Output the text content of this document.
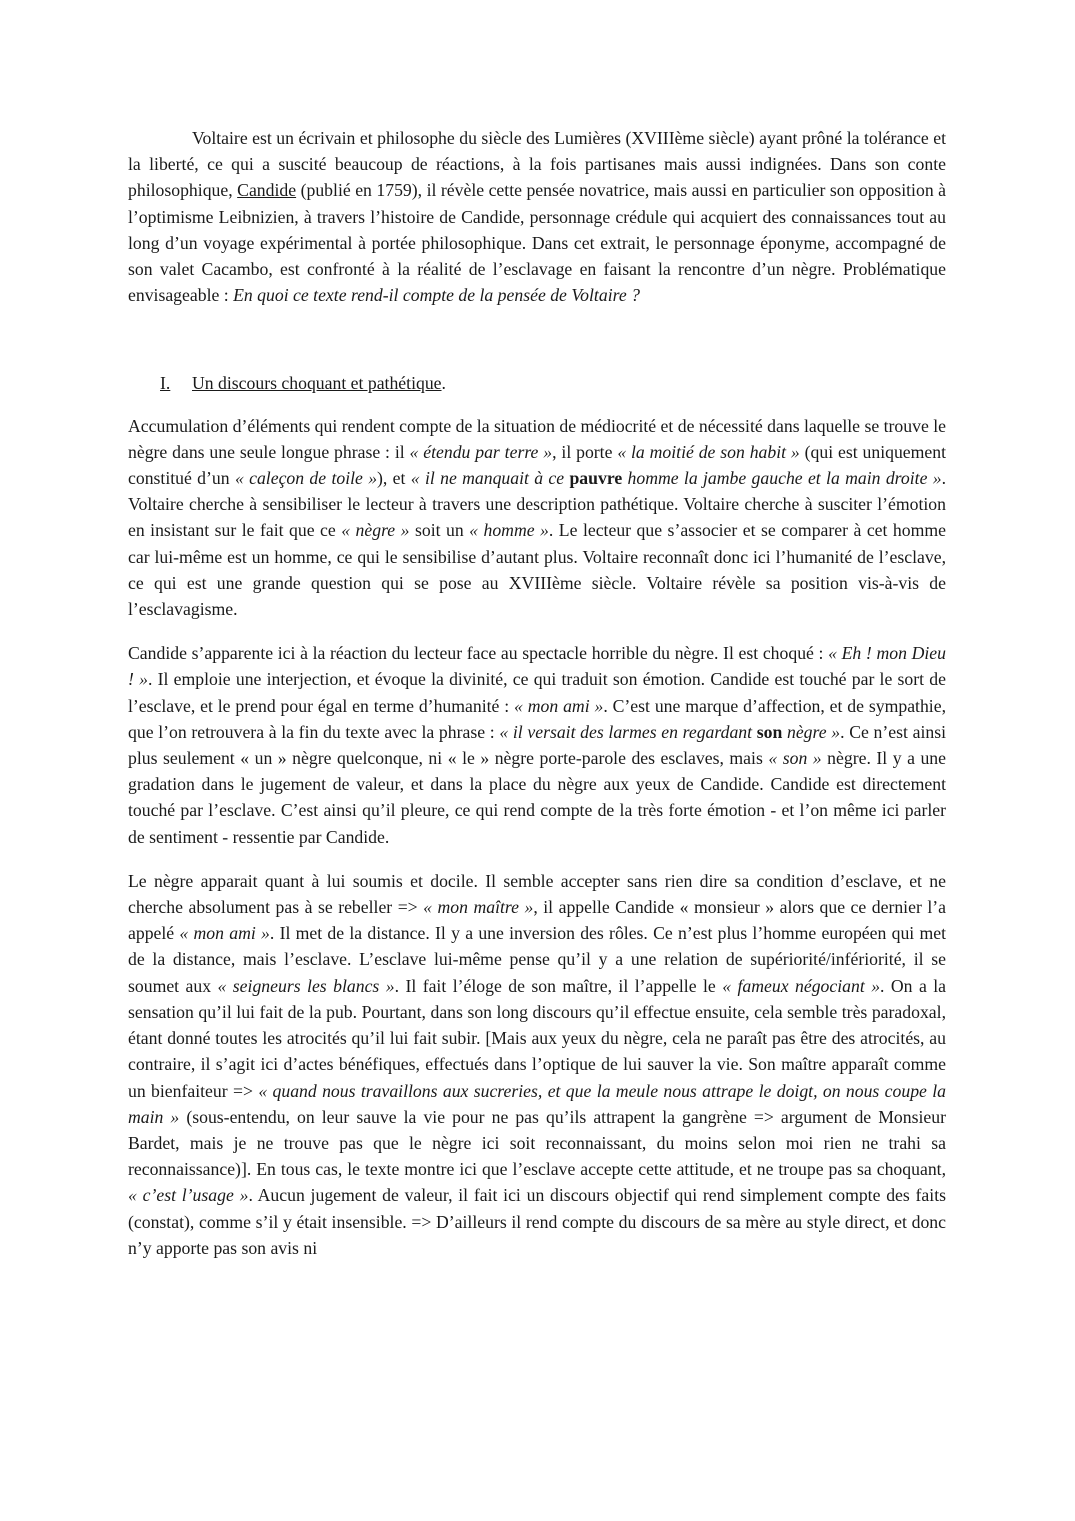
Voltaire est un écrivain et philosophe du siècle des Lumières (XVIIIème siècle) ayant prôné la tolérance et la liberté, ce qui a suscité beaucoup de réactions, à la fois partisanes mais aussi indignées. Dans son conte philosophique, Candide (publié en 1759), il révèle cette pensée novatrice, mais aussi en particulier son opposition à l’optimisme Leibnizien, à travers l’histoire de Candide, personnage crédule qui acquiert des connaissances tout au long d’un voyage expérimental à portée philosophique. Dans cet extrait, le personnage éponyme, accompagné de son valet Cacambo, est confronté à la réalité de l’esclavage en faisant la rencontre d’un nègre. Problématique envisageable : En quoi ce texte rend-il compte de la pensée de Voltaire ?

I. Un discours choquant et pathétique.

Accumulation d’éléments qui rendent compte de la situation de médiocrité et de nécessité dans laquelle se trouve le nègre dans une seule longue phrase : il « étendu par terre », il porte « la moitié de son habit » (qui est uniquement constitué d’un « caleçon de toile »), et « il ne manquait à ce pauvre homme la jambe gauche et la main droite ». Voltaire cherche à sensibiliser le lecteur à travers une description pathétique. Voltaire cherche à susciter l’émotion en insistant sur le fait que ce « nègre » soit un « homme ». Le lecteur que s’associer et se comparer à cet homme car lui-même est un homme, ce qui le sensibilise d’autant plus. Voltaire reconnaît donc ici l’humanité de l’esclave, ce qui est une grande question qui se pose au XVIIIème siècle. Voltaire révèle sa position vis-à-vis de l’esclavagisme.

Candide s’apparente ici à la réaction du lecteur face au spectacle horrible du nègre. Il est choqué : « Eh ! mon Dieu ! ». Il emploie une interjection, et évoque la divinité, ce qui traduit son émotion. Candide est touché par le sort de l’esclave, et le prend pour égal en terme d’humanité : « mon ami ». C’est une marque d’affection, et de sympathie, que l’on retrouvera à la fin du texte avec la phrase : « il versait des larmes en regardant son nègre ». Ce n’est ainsi plus seulement « un » nègre quelconque, ni « le » nègre porte-parole des esclaves, mais « son » nègre. Il y a une gradation dans le jugement de valeur, et dans la place du nègre aux yeux de Candide. Candide est directement touché par l’esclave. C’est ainsi qu’il pleure, ce qui rend compte de la très forte émotion - et l’on même ici parler de sentiment - ressentie par Candide.

Le nègre apparait quant à lui soumis et docile. Il semble accepter sans rien dire sa condition d’esclave, et ne cherche absolument pas à se rebeller => « mon maître », il appelle Candide « monsieur » alors que ce dernier l’a appelé « mon ami ». Il met de la distance. Il y a une inversion des rôles. Ce n’est plus l’homme européen qui met de la distance, mais l’esclave. L’esclave lui-même pense qu’il y a une relation de supériorité/infériorité, il se soumet aux « seigneurs les blancs ». Il fait l’éloge de son maître, il l’appelle le « fameux négociant ». On a la sensation qu’il lui fait de la pub. Pourtant, dans son long discours qu’il effectue ensuite, cela semble très paradoxal, étant donné toutes les atrocités qu’il lui fait subir. [Mais aux yeux du nègre, cela ne paraît pas être des atrocités, au contraire, il s’agit ici d’actes bénéfiques, effectués dans l’optique de lui sauver la vie. Son maître apparaît comme un bienfaiteur => « quand nous travaillons aux sucreries, et que la meule nous attrape le doigt, on nous coupe la main » (sous-entendu, on leur sauve la vie pour ne pas qu’ils attrapent la gangrène => argument de Monsieur Bardet, mais je ne trouve pas que le nègre ici soit reconnaissant, du moins selon moi rien ne trahi sa reconnaissance)]. En tous cas, le texte montre ici que l’esclave accepte cette attitude, et ne troupe pas sa choquant, « c’est l’usage ». Aucun jugement de valeur, il fait ici un discours objectif qui rend simplement compte des faits (constat), comme s’il y était insensible. => D’ailleurs il rend compte du discours de sa mère au style direct, et donc n’y apporte pas son avis ni
